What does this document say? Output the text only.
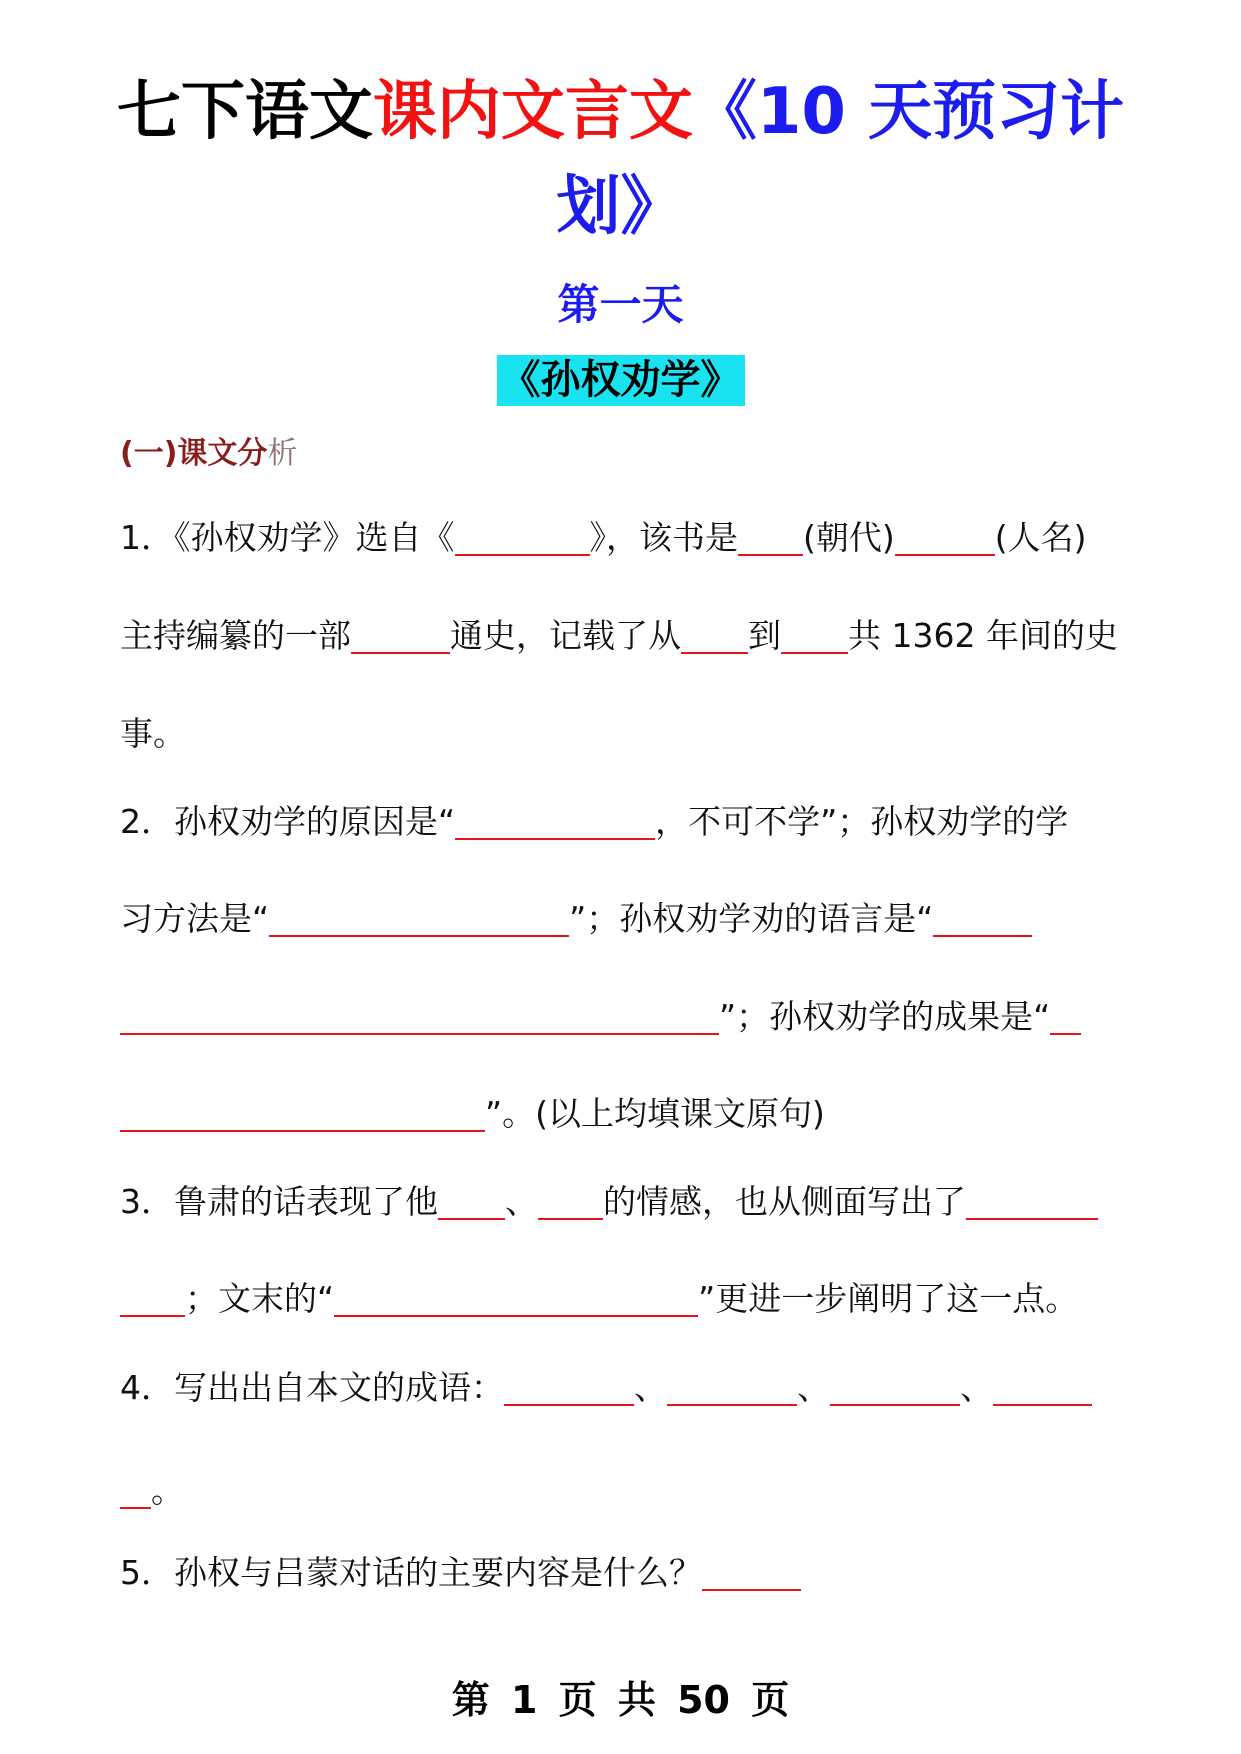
七下语文课内文言文《10 天预习计
划》
第一天
《孙权劝学》
(一)课文分析
1．《孙权劝学》选自《	》，该书是 (朝代)	(人名)
主持编纂的一部	通史，记载了从 到 共 1362 年间的史
事。
2．孙权劝学的原因是“	，不可不学”；孙权劝学的学
习方法是“	”；孙权劝学劝的语言是“
”；孙权劝学的成果是“
”。(以上均填课文原句)
3．鲁肃的话表现了他 、 的情感，也从侧面写出了
；文末的“	”更进一步阐明了这一点。
4．写出出自本文的成语：	、	、	、
。
5．孙权与吕蒙对话的主要内容是什么？
第 1 页 共 50 页
